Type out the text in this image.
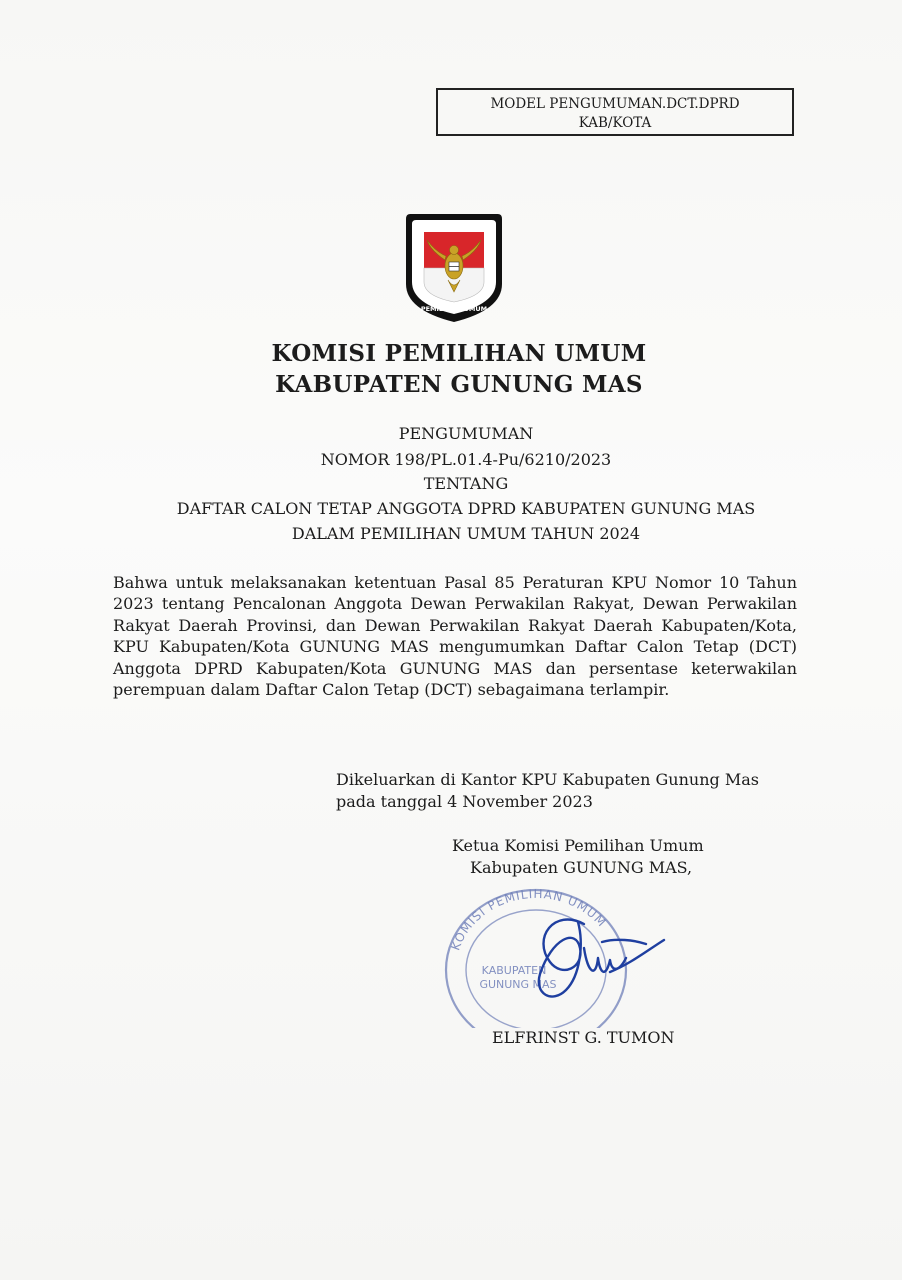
MODEL PENGUMUMAN.DCT.DPRD
KAB/KOTA
KOMISI
PEMILIHAN UMUM
KOMISI PEMILIHAN UMUM
KABUPATEN GUNUNG MAS
PENGUMUMAN
NOMOR 198/PL.01.4-Pu/6210/2023
TENTANG
DAFTAR CALON TETAP ANGGOTA DPRD KABUPATEN GUNUNG MAS
DALAM PEMILIHAN UMUM TAHUN 2024
Bahwa untuk melaksanakan ketentuan Pasal 85 Peraturan KPU Nomor 10 Tahun 2023 tentang Pencalonan Anggota Dewan Perwakilan Rakyat, Dewan Perwakilan Rakyat Daerah Provinsi, dan Dewan Perwakilan Rakyat Daerah Kabupaten/Kota, KPU Kabupaten/Kota GUNUNG MAS mengumumkan Daftar Calon Tetap (DCT) Anggota DPRD Kabupaten/Kota GUNUNG MAS dan persentase keterwakilan perempuan dalam Daftar Calon Tetap (DCT) sebagaimana terlampir.
Dikeluarkan di Kantor KPU Kabupaten Gunung Mas
pada tanggal 4 November 2023
Ketua Komisi Pemilihan Umum
Kabupaten GUNUNG MAS,
KOMISI PEMILIHAN UMUM
KABUPATEN
GUNUNG MAS
ELFRINST G. TUMON
